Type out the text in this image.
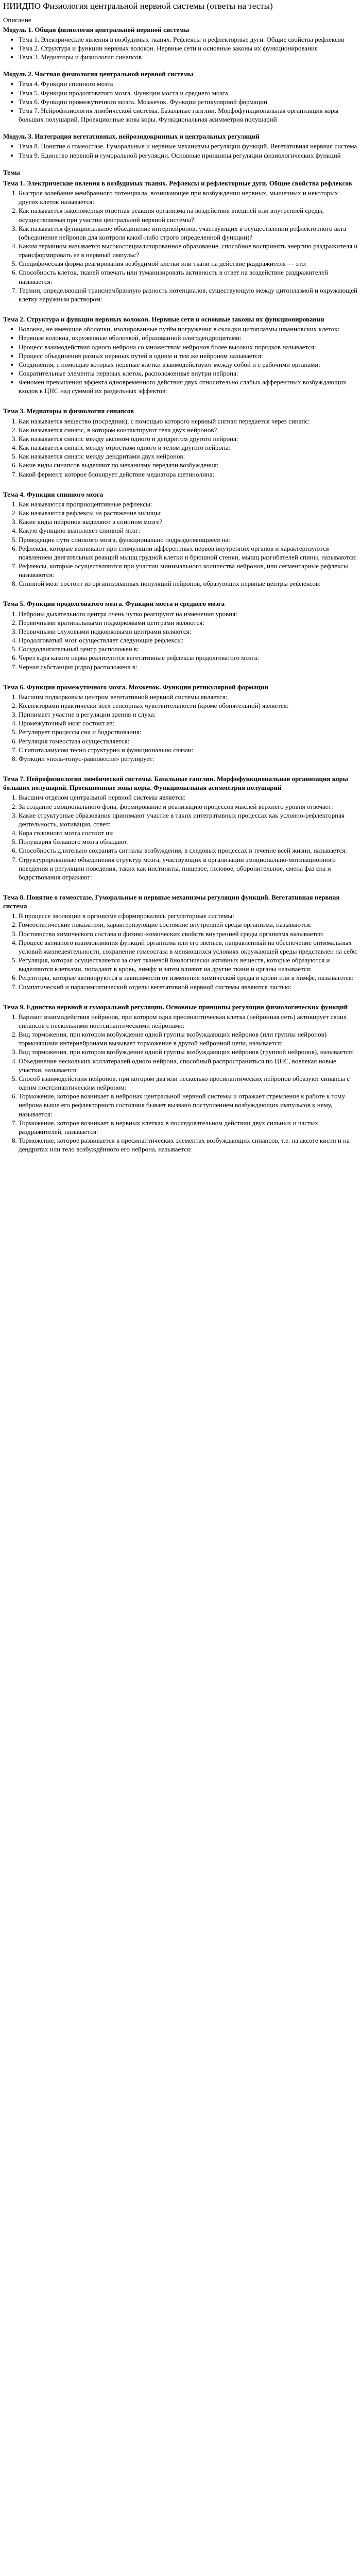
НИИДПО Физиология центральной нервной системы (ответы на тесты)
Описание
Модуль 1. Общая физиология центральной нервной системы
• Тема 1. Электрические явления в возбудимых тканях. Рефлексы и рефлекторные дуги. Общие свойства рефлексов
• Тема 2. Структура и функции нервных волокон. Нервные сети и основные законы их функционирования
• Тема 3. Медиаторы и физиология синапсов
Модуль 2. Частная физиология центральной нервной системы
• Тема 4. Функции спинного мозга
• Тема 5. Функции продолговатого мозга. Функции моста и среднего мозга
• Тема 6. Функции промежуточного мозга. Мозжечок. Функции ретикулярной формации
• Тема 7. Нейрофизиология лимбической системы. Базальные ганглии. Морфофункциональная организация коры больших полушарий. Проекционные зоны коры. Функциональная асимметрия полушарий
Модуль 3. Интеграция вегетативных, нейроэндокринных и центральных регуляций
• Тема 8. Понятие о гомеостазе. Гуморальные и нервные механизмы регуляции функций. Вегетативная нервная система
• Тема 9. Единство нервной и гуморальной регуляции. Основные принципы регуляции физиологических функций
Темы
Тема 1. Электрические явления в возбудимых тканях. Рефлексы и рефлекторные дуги. Общие свойства рефлексов
1. Быстрое колебание мембранного потенциала, возникающее при возбуждении нервных, мышечных и некоторых других клеток называется:
2. Как называется закономерная ответная реакция организма на воздействия внешней или внутренней среды, осуществляемая при участии центральной нервной системы?
3. Как называется функциональное объединение интернейронов, участвующих в осуществлении рефлекторного акта (объединение нейронов для контроля какой-либо строго определенной функции)?
4. Каким термином называется высокоспециализированное образование, способное воспринять энергию раздражителя и трансформировать ее в нервный импульс?
5. Специфическая форма реагирования возбудимой клетки или ткани на действие раздражителя — это:
6. Способность клеток, тканей отвечать или туманизировать активность в ответ на воздействие раздражителей называется:
7. Термин, определяющий трансмембранную разность потенциалов, существующую между цитоплазмой и окружающей клетку наружным раствором:
Тема 2. Структура и функции нервных волокон. Нервные сети и основные законы их функционирования
• Волокна, не имеющие оболочки, изолированные путём погружения в складки цитоплазмы шванновских клеток:
• Нервные волокна, окруженные оболочкой, образованной олигодендроцитами:
• Процесс взаимодействия одного нейрона со множеством нейронов более высоких порядков называется:
• Процесс объединения разных нервных путей в одним и тем же нейроном называется:
• Соединения, с помощью которых нервные клетки взаимодействуют между собой и с рабочими органами:
• Сократительные элементы нервных клеток, расположенные внутри нейрона:
• Феномен превышения эффекта одновременного действия двух относительно слабых афферентных возбуждающих входов в ЦНС над суммой их раздельных эффектов:
Тема 3. Медиаторы и физиология синапсов
1. Как называется вещество (посредник), с помощью которого нервный сигнал передается через синапс:
2. Как называется синапс, в котором контактируют тела двух нейронов?
3. Как называется синапс между аксоном одного и дендритом другого нейрона:
4. Как называется синапс между отростком одного и телом другого нейрона:
5. Как называется синапс между дендритами двух нейронов:
6. Какие виды синапсов выделяют по механизму передачи возбуждения:
7. Какой фермент, которое блокирует действие медиатора щетинолина:
Тема 4. Функции спинного мозга
1. Как называются проприоцептивные рефлексы:
2. Как называются рефлексы на растяжение мышцы:
3. Какие виды нейронов выделяют в спинном мозге?
4. Какую функцию выполняет спинной мозг:
5. Проводящие пути спинного мозга, функционально подразделяющиеся на:
6. Рефлексы, которые возникают при стимуляции афферентных нервов внутренних органов и характеризуются появлением двигательных реакций мышц грудной клетки и брюшной стенки, мышц разгибателей спины, называются:
7. Рефлексы, которые осуществляются при участии минимального количества нейронов, или сегментарные рефлексы называются:
8. Спинной мозг состоит из организованных популяций нейронов, образующих нервные центры рефлексов:
Тема 5. Функции продолговатого мозга. Функции моста и среднего мозга
1. Нейроны дыхательного центра очень чутко реагируют на изменения уровня:
2. Первичными кратинальными подкорковыми центрами являются:
3. Первичными слуховыми подкорковыми центрами являются:
4. Продолговатый мозг осуществляет следующие рефлексы:
5. Сосудодвигательный центр расположен в:
6. Через ядра какого нерва реализуются вегетативные рефлексы продолговатого мозга:
7. Черная субстанция (ядро) расположена в:
Тема 6. Функции промежуточного мозга. Мозжечок. Функции ретикулярной формации
1. Высшим подкорковым центром вегетативной нервной системы является:
2. Коллекторами практически всех сенсорных чувствительности (кроме обонятельной) является:
3. Принимает участие в регуляции зрения и слуха:
4. Промежуточный мозг состоит из:
5. Регулирует процессы сна и бодрствования:
6. Регуляция гомеостаза осуществляется:
7. С гипоталамусом тесно структурно и функционально связан:
8. Функции «поль-тонус-равновесия» регулирует:
Тема 7. Нейрофизиология лимбической системы. Базальные ганглии. Морфофункциональная организация коры больших полушарий. Проекционные зоны коры. Функциональная асимметрия полушарий
1. Высшим отделом центральной нервной системы является:
2. За создание эмоционального фона, формирование и реализацию процессов мыслей верхнего уровня отвечает:
3. Какие структурные образования принимают участие в таких интегративных процессах как условно-рефлекторная деятельность, мотивация, ответ:
4. Кора головного мозга состоит из:
5. Полушария большого мозга обладают:
6. Способность длительно сохранять сигналы возбуждения, в следовых процессах в течение всей жизни, называется:
7. Структурированные объединения структур мозга, участвующих в организации эмоционально-мотивационного поведения и регуляции поведения, таких как инстинкты, пищевое, половое, оборонительное, смена фаз сна и бодрствования отражают:
Тема 8. Понятие о гомеостазе. Гуморальные и нервные механизмы регуляции функций. Вегетативная нервная система
1. В процессе эволюции в организме сформировались регуляторные системы:
2. Гомеостатические показатели, характеризующие состояние внутренней среды организма, называются:
3. Постоянство химического состава и физико-химических свойств внутренней среды организма называется:
4. Процесс активного взаимовлияния функций организма или его звеньев, направленный на обеспечение оптимальных условий жизнедеятельности, сохранение гомеостаза в меняющихся условиях окружающей среды представлен на себя:
5. Регуляция, которая осуществляется за счет тканевой биологически активных веществ, которые образуются и выделяются клетками, попадают в кровь, лимфу и затем влияют на другие ткани и органы называется:
6. Рецепторы, которые активируются в зависимости от изменения химической среды в крови или в лимфе, называются:
7. Симпатический и парасимпатический отделы вегетативной нервной системы являются частью:
Тема 9. Единство нервной и гуморальной регуляции. Основные принципы регуляции физиологических функций
1. Вариант взаимодействия нейронов, при котором одна пресинаптическая клетка (нейронная сеть) активирует своих синапсов с несколькими постсинаптическими нейронами:
2. Вид торможения, при котором возбуждение одной группы возбуждающих нейронов (или группы нейронов) тормозящими интернейронами вызывает торможение в другой нейронной цепи, называется:
3. Вид торможения, при котором возбуждение одной группы возбуждающих нейронов (группой нейронов), называется:
4. Объединение нескольких коллатералей одного нейрона, способный распространиться по ЦНС, вовлекая новые участки, называется:
5. Способ взаимодействия нейронов, при котором два или несколько пресинаптических нейронов образуют синапсы с одним постсинаптическим нейроном:
6. Торможение, которое возникает в нейронах центральной нервной системы и отражает стремление к работе к тому нейрона выше его рефлекторного состояния бывает вызвано поступлением возбуждающих импульсов к нему, называется:
7. Торможение, которое возникает в нервных клетках в последовательном действии двух сильных и частых раздражителей, называется:
8. Торможение, которое развивается в пресинаптических элементах возбуждающих синапсов, т.е. на аксоте кисти и на дендритах или тело возбуждённого его нейрона, называется:
